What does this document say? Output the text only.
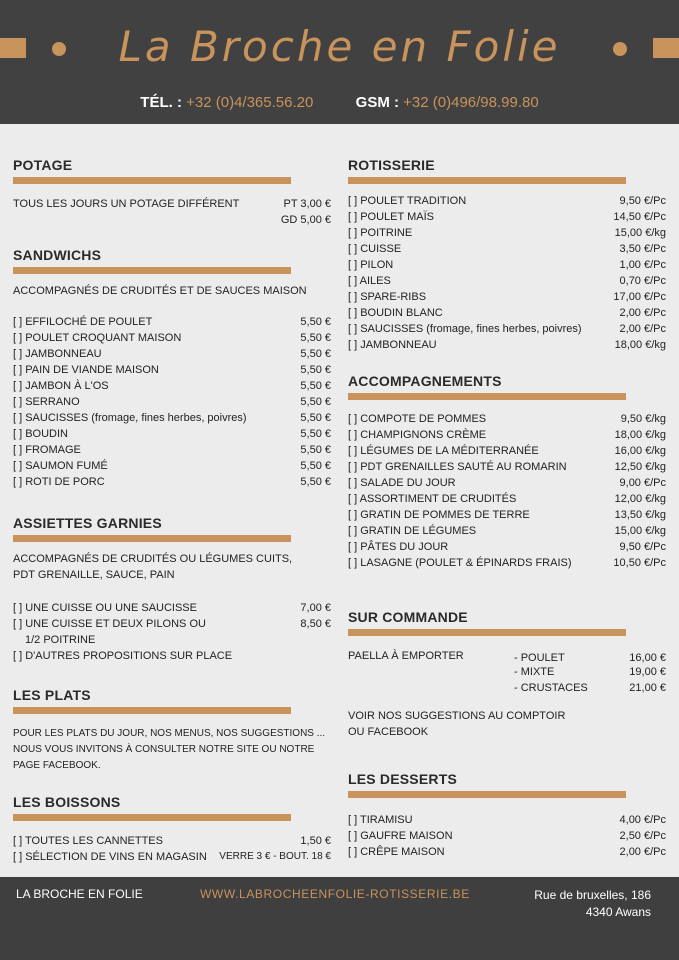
La Broche en Folie
TÉL. : +32 (0)4/365.56.20	GSM : +32 (0)496/98.99.80
POTAGE
TOUS LES JOURS UN POTAGE DIFFÉRENT	PT 3,00 €
GD 5,00 €
SANDWICHS
ACCOMPAGNÉS DE CRUDITÉS ET DE SAUCES MAISON
[ ] EFFILOCHÉ DE POULET	5,50 €
[ ] POULET CROQUANT MAISON	5,50 €
[ ] JAMBONNEAU	5,50 €
[ ] PAIN DE VIANDE MAISON	5,50 €
[ ] JAMBON À L'OS	5,50 €
[ ] SERRANO	5,50 €
[ ] SAUCISSES (fromage, fines herbes, poivres)	5,50 €
[ ] BOUDIN	5,50 €
[ ] FROMAGE	5,50 €
[ ] SAUMON FUMÉ	5,50 €
[ ] ROTI DE PORC	5,50 €
ASSIETTES GARNIES
ACCOMPAGNÉS DE CRUDITÉS OU LÉGUMES CUITS,
PDT GRENAILLE, SAUCE, PAIN
[ ] UNE CUISSE OU UNE SAUCISSE	7,00 €
[ ] UNE CUISSE ET DEUX PILONS OU	8,50 €
1/2 POITRINE
[ ] D'AUTRES PROPOSITIONS SUR PLACE
LES PLATS
POUR LES PLATS DU JOUR, NOS MENUS, NOS SUGGESTIONS ...
NOUS VOUS INVITONS À CONSULTER NOTRE SITE OU NOTRE
PAGE FACEBOOK.
LES BOISSONS
[ ] TOUTES LES CANNETTES	1,50 €
[ ] SÉLECTION DE VINS EN MAGASIN VERRE 3 € - BOUT. 18 €
ROTISSERIE
[ ] POULET TRADITION	9,50 €/Pc
[ ] POULET MAÏS	14,50 €/Pc
[ ] POITRINE	15,00 €/kg
[ ] CUISSE	3,50 €/Pc
[ ] PILON	1,00 €/Pc
[ ] AILES	0,70 €/Pc
[ ] SPARE-RIBS	17,00 €/Pc
[ ] BOUDIN BLANC	2,00 €/Pc
[ ] SAUCISSES (fromage, fines herbes, poivres)	2,00 €/Pc
[ ] JAMBONNEAU	18,00 €/kg
ACCOMPAGNEMENTS
[ ] COMPOTE DE POMMES	9,50 €/kg
[ ] CHAMPIGNONS CRÈME	18,00 €/kg
[ ] LÉGUMES DE LA MÉDITERRANÉE	16,00 €/kg
[ ] PDT GRENAILLES SAUTÉ AU ROMARIN	12,50 €/kg
[ ] SALADE DU JOUR	9,00 €/Pc
[ ] ASSORTIMENT DE CRUDITÉS	12,00 €/kg
[ ] GRATIN DE POMMES DE TERRE	13,50 €/kg
[ ] GRATIN DE LÉGUMES	15,00 €/kg
[ ] PÂTES DU JOUR	9,50 €/Pc
[ ] LASAGNE (POULET & ÉPINARDS FRAIS)	10,50 €/Pc
SUR COMMANDE
PAELLA À EMPORTER	- POULET	16,00 €
- MIXTE	19,00 €
- CRUSTACES	21,00 €
VOIR NOS SUGGESTIONS AU COMPTOIR
OU FACEBOOK
LES DESSERTS
[ ] TIRAMISU	4,00 €/Pc
[ ] GAUFRE MAISON	2,50 €/Pc
[ ] CRÊPE MAISON	2,00 €/Pc
LA BROCHE EN FOLIE	WWW.LABROCHEENFOLIE-ROTISSERIE.BE	Rue de bruxelles, 186
4340 Awans
